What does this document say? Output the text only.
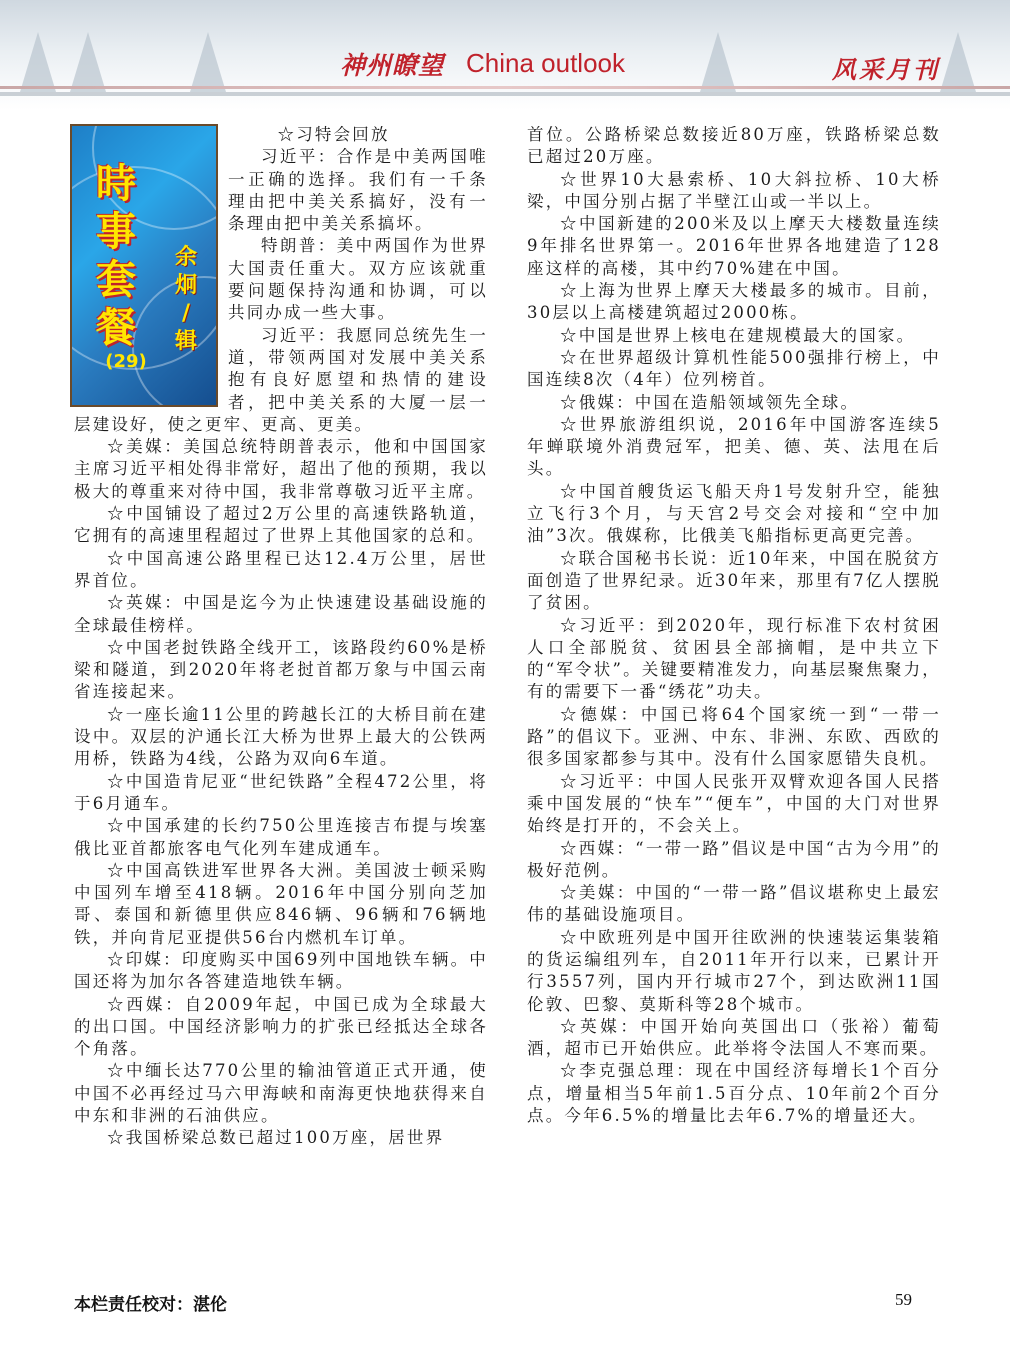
神州瞭望 China outlook	风采月刊
時
事
套
餐
余
炯
/
辑
(29)

☆习特会回放

习近平：合作是中美两国唯一正确的选择。我们有一千条理由把中美关系搞好，没有一条理由把中美关系搞坏。

特朗普：美中两国作为世界大国责任重大。双方应该就重要问题保持沟通和协调，可以共同办成一些大事。

习近平：我愿同总统先生一道，带领两国对发展中美关系抱有良好愿望和热情的建设者，把中美关系的大厦一层一层建设好，使之更牢、更高、更美。

☆美媒：美国总统特朗普表示，他和中国国家主席习近平相处得非常好，超出了他的预期，我以极大的尊重来对待中国，我非常尊敬习近平主席。

☆中国铺设了超过2万公里的高速铁路轨道，它拥有的高速里程超过了世界上其他国家的总和。

☆中国高速公路里程已达12.4万公里，居世界首位。

☆英媒：中国是迄今为止快速建设基础设施的全球最佳榜样。

☆中国老挝铁路全线开工，该路段约60%是桥梁和隧道，到2020年将老挝首都万象与中国云南省连接起来。

☆一座长逾11公里的跨越长江的大桥目前在建设中。双层的沪通长江大桥为世界上最大的公铁两用桥，铁路为4线，公路为双向6车道。

☆中国造肯尼亚“世纪铁路”全程472公里，将于6月通车。

☆中国承建的长约750公里连接吉布提与埃塞俄比亚首都旅客电气化列车建成通车。

☆中国高铁进军世界各大洲。美国波士顿采购中国列车增至418辆。2016年中国分别向芝加哥、泰国和新德里供应846辆、96辆和76辆地铁，并向肯尼亚提供56台内燃机车订单。

☆印媒：印度购买中国69列中国地铁车辆。中国还将为加尔各答建造地铁车辆。

☆西媒：自2009年起，中国已成为全球最大的出口国。中国经济影响力的扩张已经抵达全球各个角落。

☆中缅长达770公里的输油管道正式开通，使中国不必再经过马六甲海峡和南海更快地获得来自中东和非洲的石油供应。

☆我国桥梁总数已超过100万座，居世界

首位。公路桥梁总数接近80万座，铁路桥梁总数已超过20万座。

☆世界10大悬索桥、10大斜拉桥、10大桥梁，中国分别占据了半壁江山或一半以上。

☆中国新建的200米及以上摩天大楼数量连续9年排名世界第一。2016年世界各地建造了128座这样的高楼，其中约70%建在中国。

☆上海为世界上摩天大楼最多的城市。目前，30层以上高楼建筑超过2000栋。

☆中国是世界上核电在建规模最大的国家。

☆在世界超级计算机性能500强排行榜上，中国连续8次（4年）位列榜首。

☆俄媒：中国在造船领域领先全球。

☆世界旅游组织说，2016年中国游客连续5年蝉联境外消费冠军，把美、德、英、法甩在后头。

☆中国首艘货运飞船天舟1号发射升空，能独立飞行3个月，与天宫2号交会对接和“空中加油”3次。俄媒称，比俄美飞船指标更高更完善。

☆联合国秘书长说：近10年来，中国在脱贫方面创造了世界纪录。近30年来，那里有7亿人摆脱了贫困。

☆习近平：到2020年，现行标准下农村贫困人口全部脱贫、贫困县全部摘帽，是中共立下的“军令状”。关键要精准发力，向基层聚焦聚力，有的需要下一番“绣花”功夫。

☆德媒：中国已将64个国家统一到“一带一路”的倡议下。亚洲、中东、非洲、东欧、西欧的很多国家都参与其中。没有什么国家愿错失良机。

☆习近平：中国人民张开双臂欢迎各国人民搭乘中国发展的“快车”“便车”，中国的大门对世界始终是打开的，不会关上。

☆西媒：“一带一路”倡议是中国“古为今用”的极好范例。

☆美媒：中国的“一带一路”倡议堪称史上最宏伟的基础设施项目。

☆中欧班列是中国开往欧洲的快速装运集装箱的货运编组列车，自2011年开行以来，已累计开行3557列，国内开行城市27个，到达欧洲11国伦敦、巴黎、莫斯科等28个城市。

☆英媒：中国开始向英国出口（张裕）葡萄酒，超市已开始供应。此举将令法国人不寒而栗。

☆李克强总理：现在中国经济每增长1个百分点，增量相当5年前1.5百分点、10年前2个百分点。今年6.5%的增量比去年6.7%的增量还大。

本栏责任校对：湛伦	59
